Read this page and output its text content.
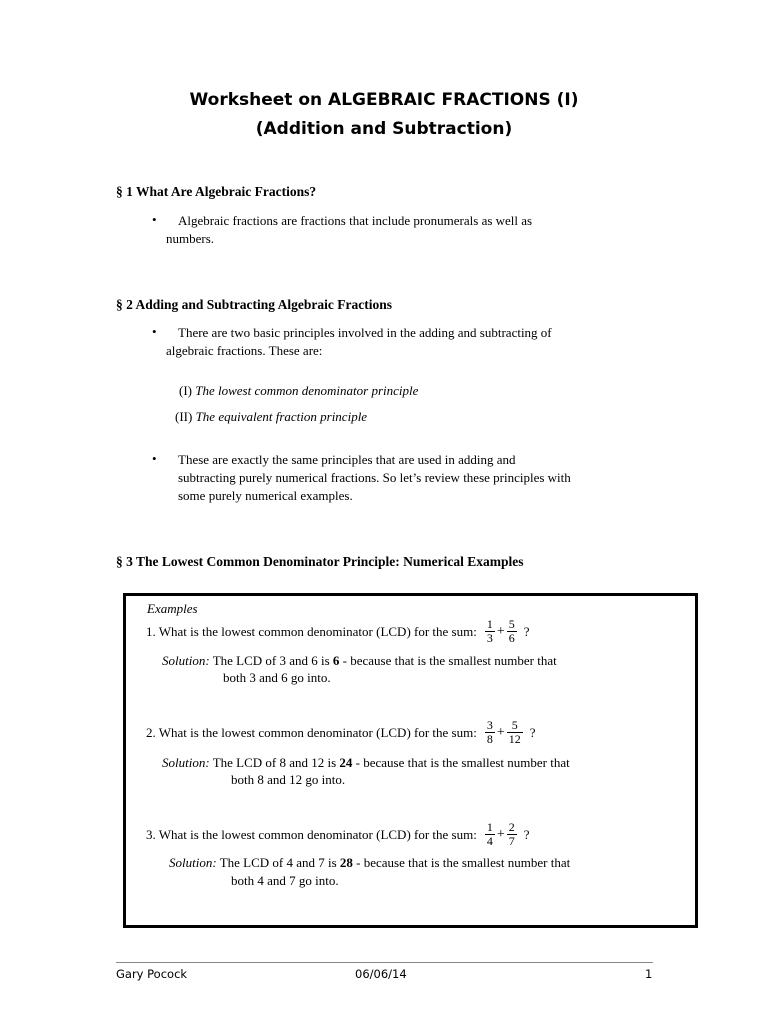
Worksheet on ALGEBRAIC FRACTIONS (I)
(Addition and Subtraction)
§ 1 What Are Algebraic Fractions?
• Algebraic fractions are fractions that include pronumerals as well as
numbers.
§ 2 Adding and Subtracting Algebraic Fractions
• There are two basic principles involved in the adding and subtracting of
algebraic fractions. These are:
(I) The lowest common denominator principle
(II) The equivalent fraction principle
• These are exactly the same principles that are used in adding and
subtracting purely numerical fractions. So let’s review these principles with
some purely numerical examples.
§ 3 The Lowest Common Denominator Principle: Numerical Examples
Examples
1. What is the lowest common denominator (LCD) for the sum: $\frac{1}{3} + \frac{5}{6}$ ?
Solution: The LCD of 3 and 6 is 6 - because that is the smallest number that
both 3 and 6 go into.
2. What is the lowest common denominator (LCD) for the sum: $\frac{3}{8} + \frac{5}{12}$ ?
Solution: The LCD of 8 and 12 is 24 - because that is the smallest number that
both 8 and 12 go into.
3. What is the lowest common denominator (LCD) for the sum: $\frac{1}{4} + \frac{2}{7}$ ?
Solution: The LCD of 4 and 7 is 28 - because that is the smallest number that
both 4 and 7 go into.
Gary Pocock	06/06/14	1
